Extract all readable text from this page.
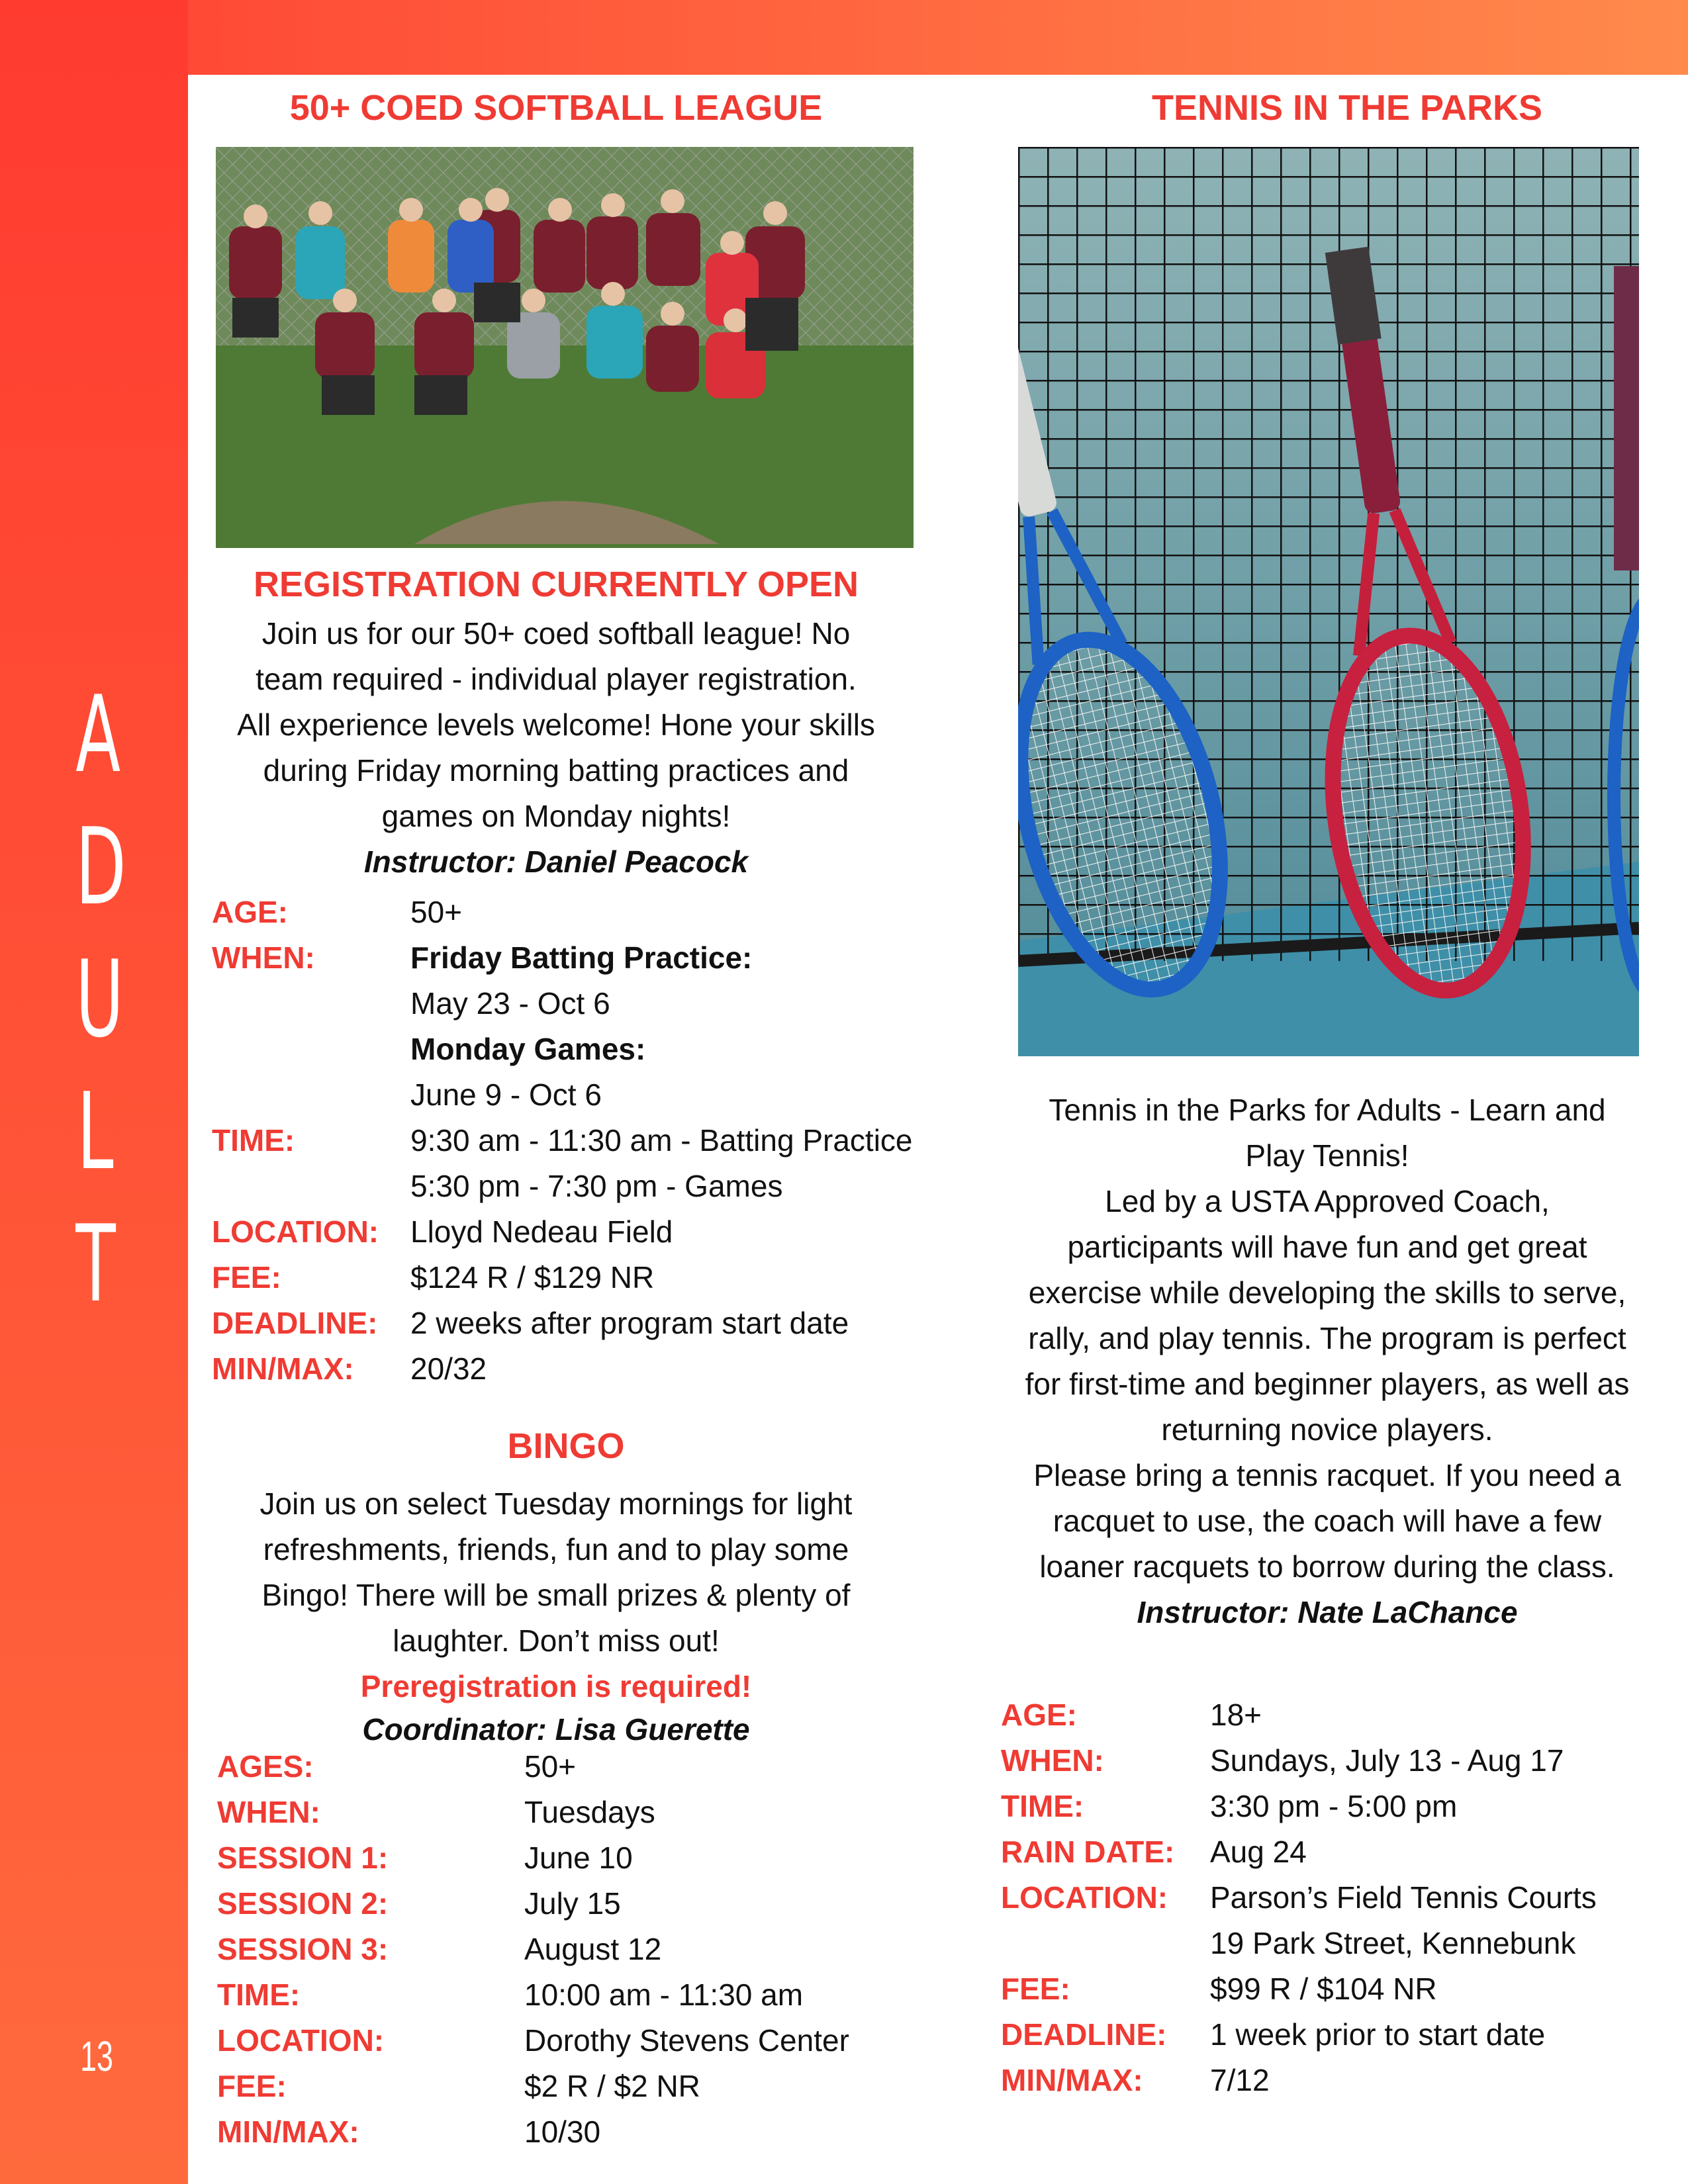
A
D
U
L
T
13
50+ COED SOFTBALL LEAGUE
REGISTRATION CURRENTLY OPEN
Join us for our 50+ coed softball league! No
team required - individual player registration.
All experience levels welcome! Hone your skills
during Friday morning batting practices and
games on Monday nights!
Instructor: Daniel Peacock
AGE:	50+
WHEN:	Friday Batting Practice:
May 23 - Oct 6
Monday Games:
June 9 - Oct 6
TIME:	9:30 am - 11:30 am - Batting Practice
5:30 pm - 7:30 pm - Games
LOCATION: Lloyd Nedeau Field
FEE:	$124 R / $129 NR
DEADLINE: 2 weeks after program start date
MIN/MAX: 20/32
BINGO
Join us on select Tuesday mornings for light
refreshments, friends, fun and to play some
Bingo! There will be small prizes & plenty of
laughter. Don’t miss out!
Preregistration is required!
Coordinator: Lisa Guerette
AGES:	50+
WHEN:	Tuesdays
SESSION 1:	June 10
SESSION 2:	July 15
SESSION 3:	August 12
TIME:	10:00 am - 11:30 am
LOCATION:	Dorothy Stevens Center
FEE:	$2 R / $2 NR
MIN/MAX:	10/30
TENNIS IN THE PARKS
Tennis in the Parks for Adults - Learn and
Play Tennis!
Led by a USTA Approved Coach,
participants will have fun and get great
exercise while developing the skills to serve,
rally, and play tennis. The program is perfect
for first-time and beginner players, as well as
returning novice players.
Please bring a tennis racquet. If you need a
racquet to use, the coach will have a few
loaner racquets to borrow during the class.
Instructor: Nate LaChance
AGE:	18+
WHEN:	Sundays, July 13 - Aug 17
TIME:	3:30 pm - 5:00 pm
RAIN DATE: Aug 24
LOCATION: Parson’s Field Tennis Courts
19 Park Street, Kennebunk
FEE:	$99 R / $104 NR
DEADLINE: 1 week prior to start date
MIN/MAX: 7/12
